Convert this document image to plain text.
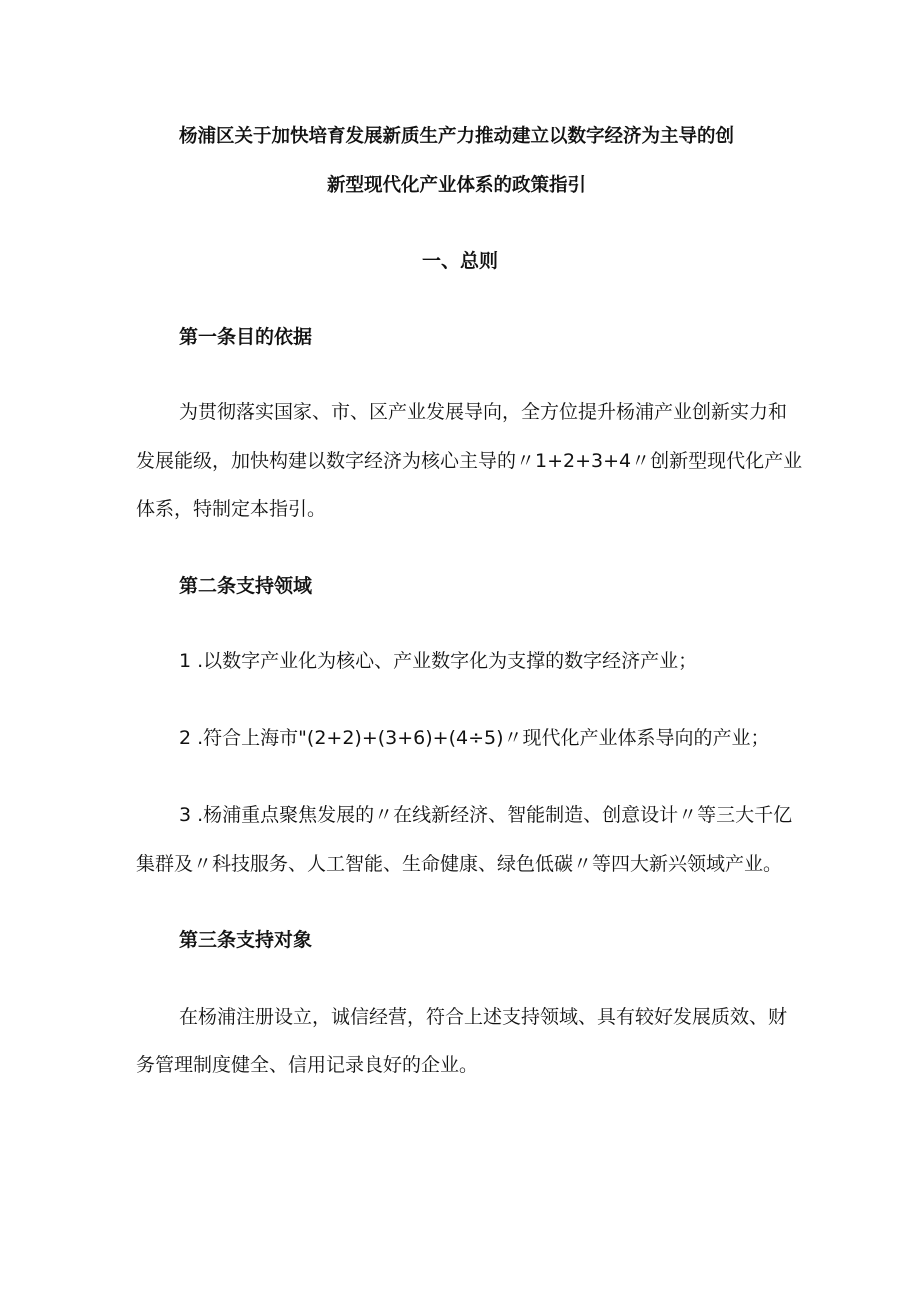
杨浦区关于加快培育发展新质生产力推动建立以数字经济为主导的创
新型现代化产业体系的政策指引
一、总则
第一条目的依据
为贯彻落实国家、市、区产业发展导向，全方位提升杨浦产业创新实力和
发展能级，加快构建以数字经济为核心主导的〃1+2+3+4〃创新型现代化产业
体系，特制定本指引。
第二条支持领域
1 .以数字产业化为核心、产业数字化为支撑的数字经济产业；
2 .符合上海市"(2+2)+(3+6)+(4÷5)〃现代化产业体系导向的产业；
3 .杨浦重点聚焦发展的〃在线新经济、智能制造、创意设计〃等三大千亿
集群及〃科技服务、人工智能、生命健康、绿色低碳〃等四大新兴领域产业。
第三条支持对象
在杨浦注册设立，诚信经营，符合上述支持领域、具有较好发展质效、财
务管理制度健全、信用记录良好的企业。
